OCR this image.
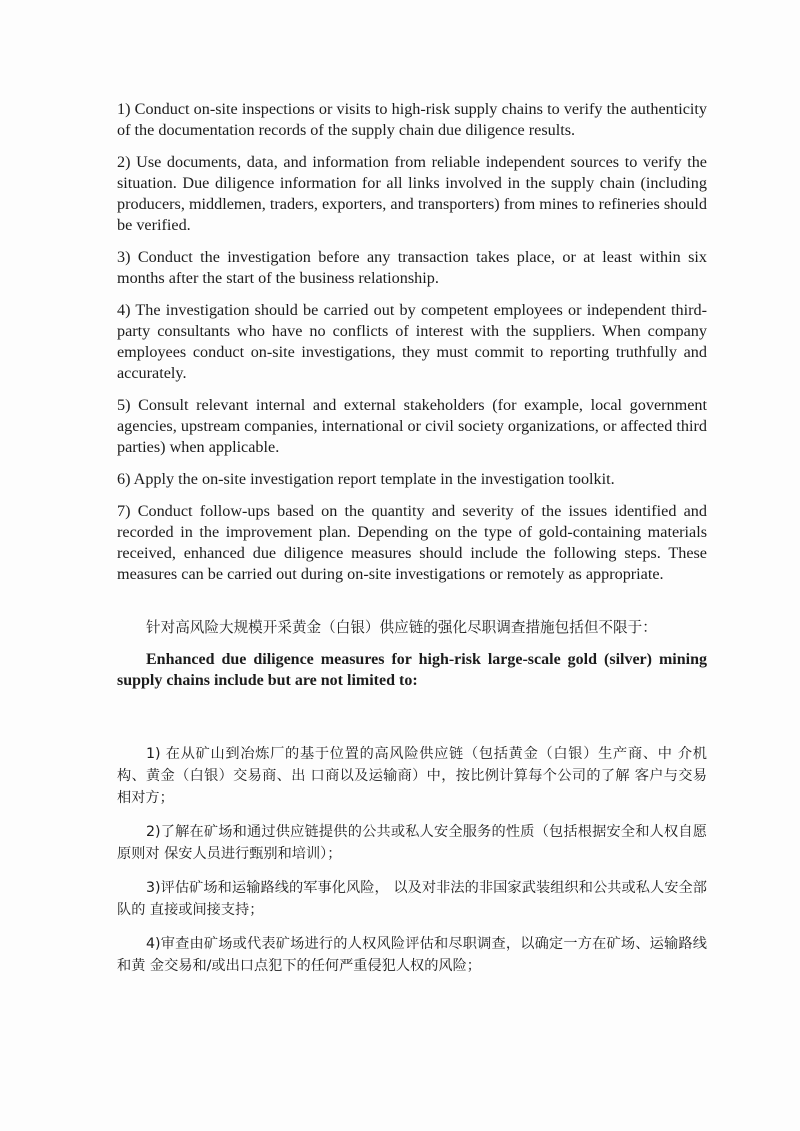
1) Conduct on-site inspections or visits to high-risk supply chains to verify the authenticity of the documentation records of the supply chain due diligence results.

2) Use documents, data, and information from reliable independent sources to verify the situation. Due diligence information for all links involved in the supply chain (including producers, middlemen, traders, exporters, and transporters) from mines to refineries should be verified.

3) Conduct the investigation before any transaction takes place, or at least within six months after the start of the business relationship.

4) The investigation should be carried out by competent employees or independent third-party consultants who have no conflicts of interest with the suppliers. When company employees conduct on-site investigations, they must commit to reporting truthfully and accurately.

5) Consult relevant internal and external stakeholders (for example, local government agencies, upstream companies, international or civil society organizations, or affected third parties) when applicable.

6) Apply the on-site investigation report template in the investigation toolkit.

7) Conduct follow-ups based on the quantity and severity of the issues identified and recorded in the improvement plan. Depending on the type of gold-containing materials received, enhanced due diligence measures should include the following steps. These measures can be carried out during on-site investigations or remotely as appropriate.

针对高风险大规模开采黄金（白银）供应链的强化尽职调查措施包括但不限于：

Enhanced due diligence measures for high-risk large-scale gold (silver) mining supply chains include but are not limited to:

1) 在从矿山到冶炼厂的基于位置的高风险供应链（包括黄金（白银）生产商、中 介机构、黄金（白银）交易商、出 口商以及运输商）中，按比例计算每个公司的了解 客户与交易相对方；

2)了解在矿场和通过供应链提供的公共或私人安全服务的性质（包括根据安全和人权自愿原则对 保安人员进行甄别和培训）；

3)评估矿场和运输路线的军事化风险， 以及对非法的非国家武装组织和公共或私人安全部队的 直接或间接支持；

4)审查由矿场或代表矿场进行的人权风险评估和尽职调查，以确定一方在矿场、运输路线和黄 金交易和/或出口点犯下的任何严重侵犯人权的风险；
